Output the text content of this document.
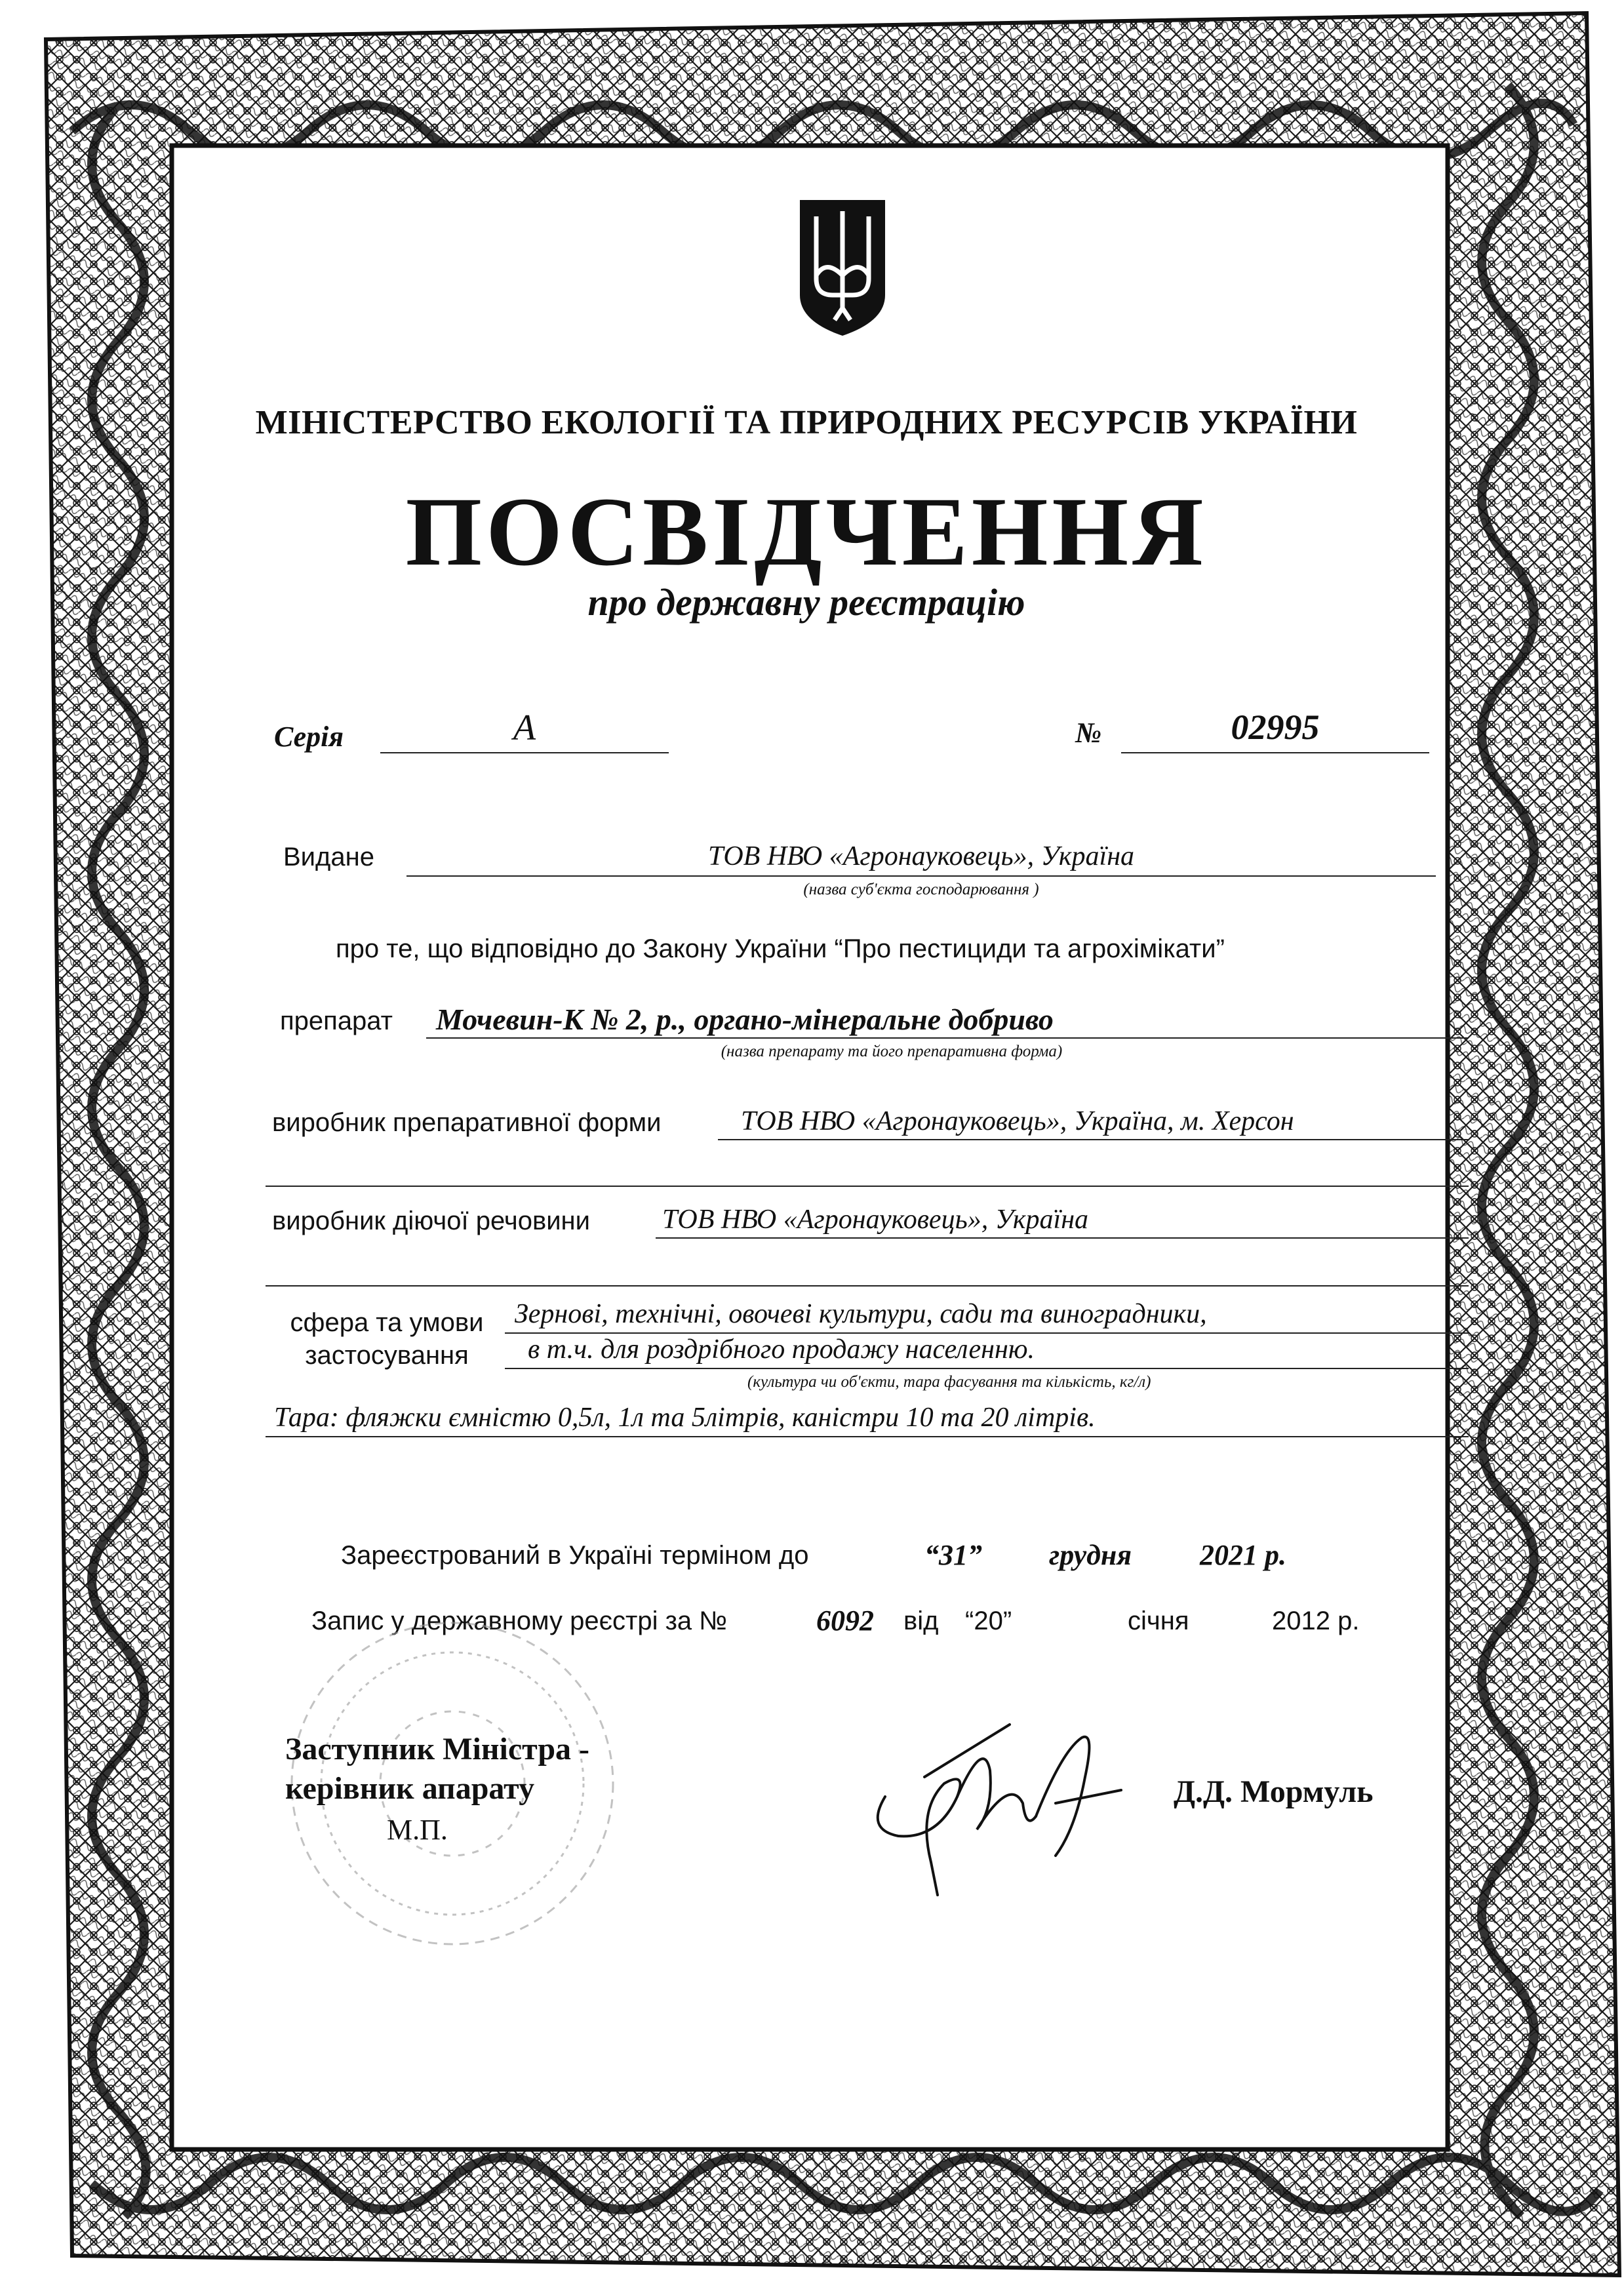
МІНІСТЕРСТВО ЕКОЛОГІЇ ТА ПРИРОДНИХ РЕСУРСІВ УКРАЇНИ
ПОСВІДЧЕННЯ
про державну реєстрацію
Серія	А	№	02995
Видане	ТОВ НВО «Агронауковець», Україна
(назва суб'єкта господарювання )
про те, що відповідно до Закону України “Про пестициди та агрохімікати”
препарат Мочевин-К № 2, р., органо-мінеральне добриво
(назва препарату та його препаративна форма)
виробник препаративної форми	ТОВ НВО «Агронауковець», Україна, м. Херсон
виробник діючої речовини	ТОВ НВО «Агронауковець», Україна
сфера та умови
застосування
Зернові, технічні, овочеві культури, сади та виноградники,
в т.ч. для роздрібного продажу населенню.
(культура чи об'єкти, тара фасування та кількість, кг/л)
Тара: фляжки ємністю 0,5л, 1л та 5літрів, каністри 10 та 20 літрів.
Зареєстрований в Україні терміном до	“31” грудня 2021 р.
Запис у державному реєстрі за №	6092 від “20”	січня	2012 р.
Заступник Міністра -
керівник апарату
М.П.
Д.Д. Мормуль
